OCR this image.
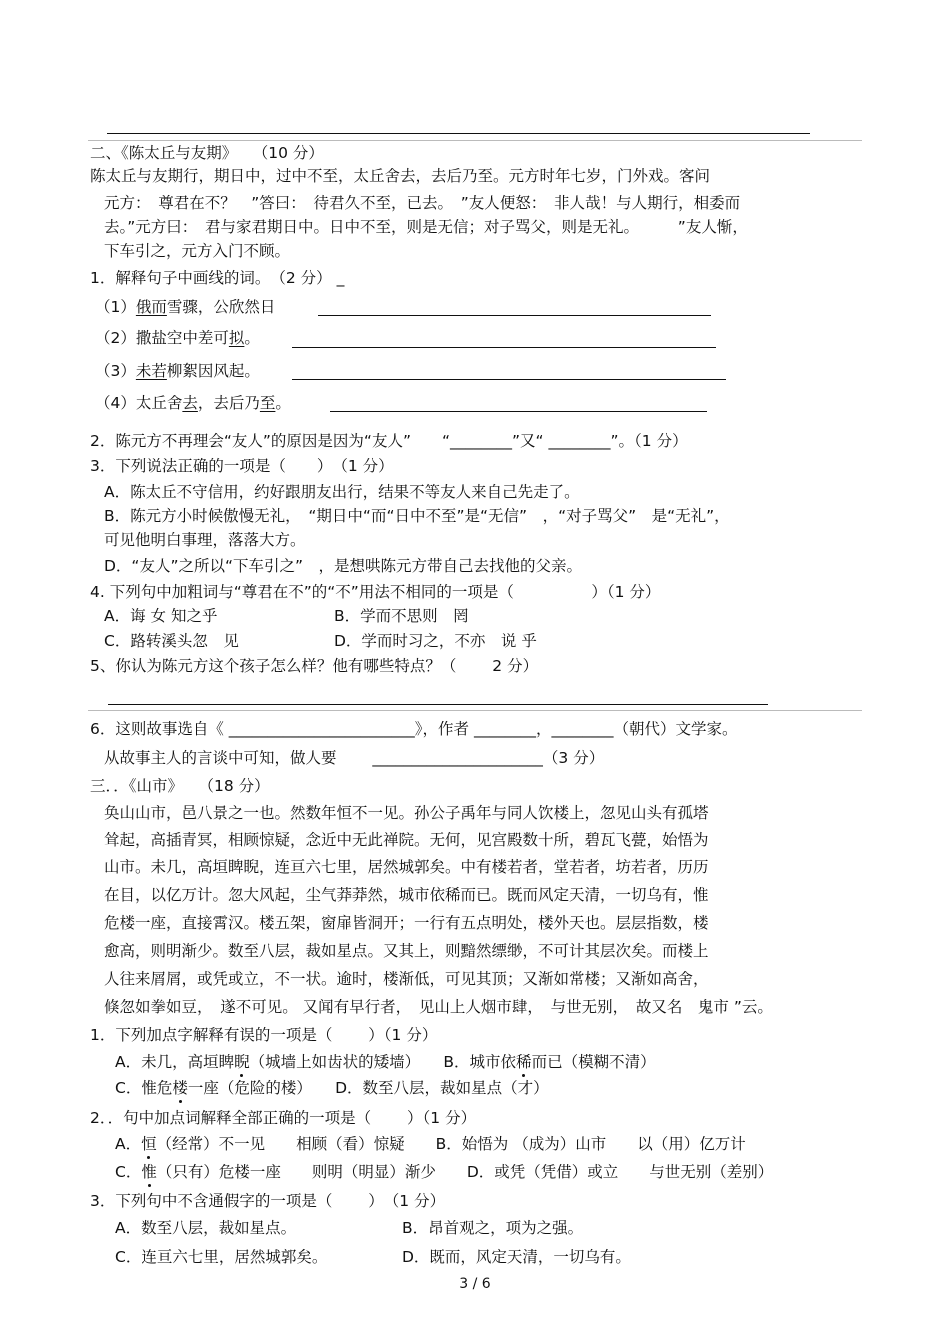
二、《陈太丘与友期》　　（10 分）
陈太丘与友期行，期日中，过中不至，太丘舍去，去后乃至。元方时年七岁，门外戏。客问
元方：　尊君在不？　”答曰：　待君久不至，已去。　”友人便怒：　非人哉！与人期行，相委而
去。”元方曰：　君与家君期日中。日中不至，则是无信；对子骂父，则是无礼。　　　”友人惭，
下车引之，元方入门不顾。
1．解释句子中画线的词。　（2 分） _
（1）俄而雪骤，公欣然日
（2）撒盐空中差可拟。
（3）未若柳絮因风起。
（4）太丘舍去，去后乃至。
2．陈元方不再理会“友人”的原因是因为“友人”　　“________”又“ ________”。（1 分）
3．下列说法正确的一项是（　　）　（1 分）
A．陈太丘不守信用，约好跟朋友出行，结果不等友人来自己先走了。
B．陈元方小时候傲慢无礼，　“期日中“而“日中不至”是“无信”　，“对子骂父”　是“无礼”，
可见他明白事理，落落大方。
D．“友人”之所以“下车引之”　，是想哄陈元方带自己去找他的父亲。
4. 下列句中加粗词与“尊君在不”的“不”用法不相同的一项是（　　　　　）（1 分）
A．诲 女 知之乎	B．学而不思则　罔
C．路转溪头忽　见	D．学而时习之，不亦　说 乎
5、你认为陈元方这个孩子怎么样？他有哪些特点？（　　 2 分）
6．这则故事选自《 ________________________》，作者 ________，________（朝代）文学家。
从故事主人的言谈中可知，做人要　　 ______________________（3 分）
三．．《山市》　　（18 分）
奂山山市，邑八景之一也。然数年恒不一见。孙公子禹年与同人饮楼上，忽见山头有孤塔
耸起，高插青冥，相顾惊疑，念近中无此禅院。无何，见宫殿数十所，碧瓦飞甍，始悟为
山市。未几，高垣睥睨，连亘六七里，居然城郭矣。中有楼若者，堂若者，坊若者，历历
在目，以亿万计。忽大风起，尘气莽莽然，城市依稀而已。既而风定天清，一切乌有，惟
危楼一座，直接霄汉。楼五架，窗扉皆洞开；一行有五点明处，楼外天也。层层指数，楼
愈高，则明渐少。数至八层，裁如星点。又其上，则黯然缥缈，不可计其层次矣。而楼上
人往来屑屑，或凭或立，不一状。逾时，楼渐低，可见其顶；又渐如常楼；又渐如高舍，
倏忽如拳如豆，　遂不可见。 又闻有早行者，　见山上人烟市肆，　与世无别，　故又名　鬼市 ”云。
1．下列加点字解释有误的一项是（　　 ）（1 分）
A．未几，高垣睥睨（城墙上如齿状的矮墙）　　 B．城市依稀而已（模糊不清）
C．惟危楼一座（危险的楼）　　 D．数至八层，裁如星点（才）
2．．句中加点词解释全部正确的一项是（　　 ）（1 分）
A．恒（经常）不一见　　相顾（看）惊疑　　 B．始悟为 （成为）山市　　以（用）亿万计
C．惟（只有）危楼一座　　则明（明显）渐少　　 D．或凭（凭借）或立　　与世无别（差别）
3．下列句中不含通假字的一项是（　　 ）　（1 分）
A．数至八层，裁如星点。	B．昂首观之，项为之强。
C．连亘六七里，居然城郭矣。	D．既而，风定天清，一切乌有。
3 / 6
